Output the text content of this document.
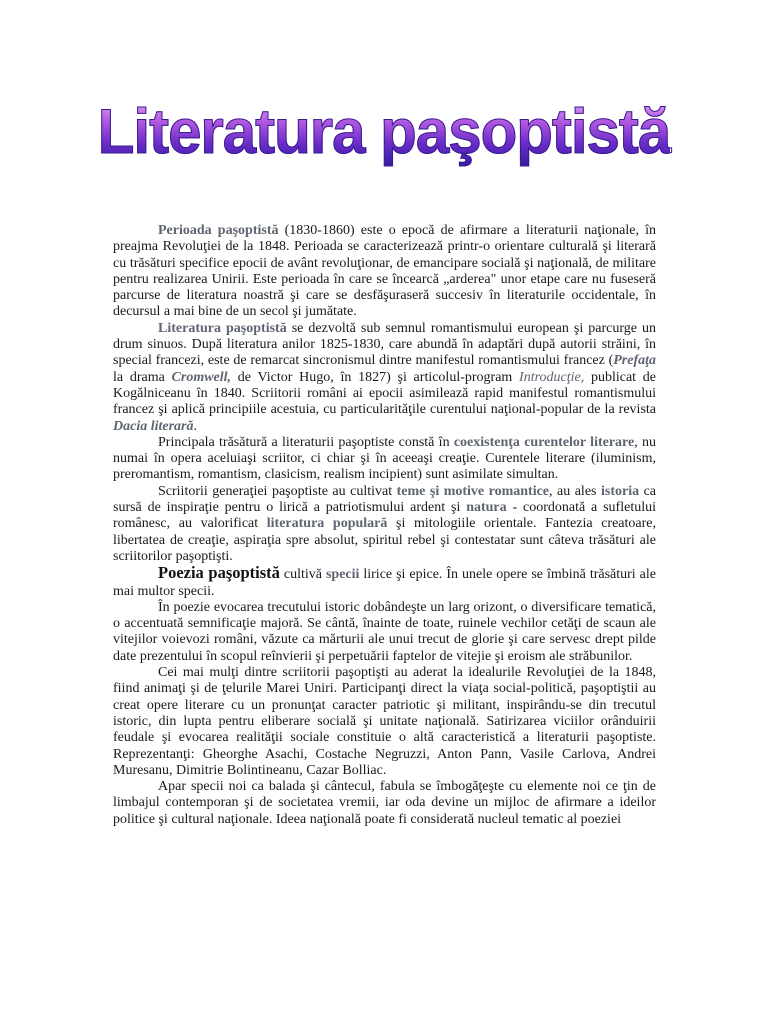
Literatura paşoptistă

Perioada paşoptistă (1830-1860) este o epocă de afirmare a literaturii naţionale, în preajma Revoluţiei de la 1848. Perioada se caracterizează printr-o orientare culturală şi literară cu trăsături specifice epocii de avânt revoluţionar, de emancipare socială şi naţională, de militare pentru realizarea Unirii. Este perioada în care se încearcă „arderea" unor etape care nu fuseseră parcurse de literatura noastră şi care se desfăşuraseră succesiv în literaturile occidentale, în decursul a mai bine de un secol şi jumătate.

Literatura paşoptistă se dezvoltă sub semnul romantismului european şi parcurge un drum sinuos. După literatura anilor 1825-1830, care abundă în adaptări după autorii străini, în special francezi, este de remarcat sincronismul dintre manifestul romantismului francez (Prefaţa la drama Cromwell, de Victor Hugo, în 1827) şi articolul-program Introducţie, publicat de Kogălniceanu în 1840. Scriitorii români ai epocii asimilează rapid manifestul romantismului francez şi aplică principiile acestuia, cu particularităţile curentului naţional-popular de la revista Dacia literară.

Principala trăsătură a literaturii paşoptiste constă în coexistenţa curentelor literare, nu numai în opera aceluiaşi scriitor, ci chiar şi în aceeaşi creaţie. Curentele literare (iluminism, preromantism, romantism, clasicism, realism incipient) sunt asimilate simultan.

Scriitorii generaţiei paşoptiste au cultivat teme şi motive romantice, au ales istoria ca sursă de inspiraţie pentru o lirică a patriotismului ardent şi natura - coordonată a sufletului românesc, au valorificat literatura populară şi mitologiile orientale. Fantezia creatoare, libertatea de creaţie, aspiraţia spre absolut, spiritul rebel şi contestatar sunt câteva trăsături ale scriitorilor paşoptişti.

Poezia paşoptistă cultivă specii lirice şi epice. În unele opere se îmbină trăsături ale mai multor specii.

În poezie evocarea trecutului istoric dobândeşte un larg orizont, o diversificare tematică, o accentuată semnificaţie majoră. Se cântă, înainte de toate, ruinele vechilor cetăţi de scaun ale vitejilor voievozi români, văzute ca mărturii ale unui trecut de glorie şi care servesc drept pilde date prezentului în scopul reînvierii şi perpetuării faptelor de vitejie şi eroism ale străbunilor.

Cei mai mulţi dintre scriitorii paşoptişti au aderat la idealurile Revoluţiei de la 1848, fiind animaţi şi de ţelurile Marei Uniri. Participanţi direct la viaţa social-politică, paşoptiştii au creat opere literare cu un pronunţat caracter patriotic şi militant, inspirându-se din trecutul istoric, din lupta pentru eliberare socială şi unitate naţională. Satirizarea viciilor orânduirii feudale şi evocarea realităţii sociale constituie o altă caracteristică a literaturii paşoptiste. Reprezentanţi: Gheorghe Asachi, Costache Negruzzi, Anton Pann, Vasile Carlova, Andrei Muresanu, Dimitrie Bolintineanu, Cazar Bolliac.

Apar specii noi ca balada şi cântecul, fabula se îmbogăţeşte cu elemente noi ce ţin de limbajul contemporan şi de societatea vremii, iar oda devine un mijloc de afirmare a ideilor politice şi cultural naţionale. Ideea naţională poate fi considerată nucleul tematic al poeziei
